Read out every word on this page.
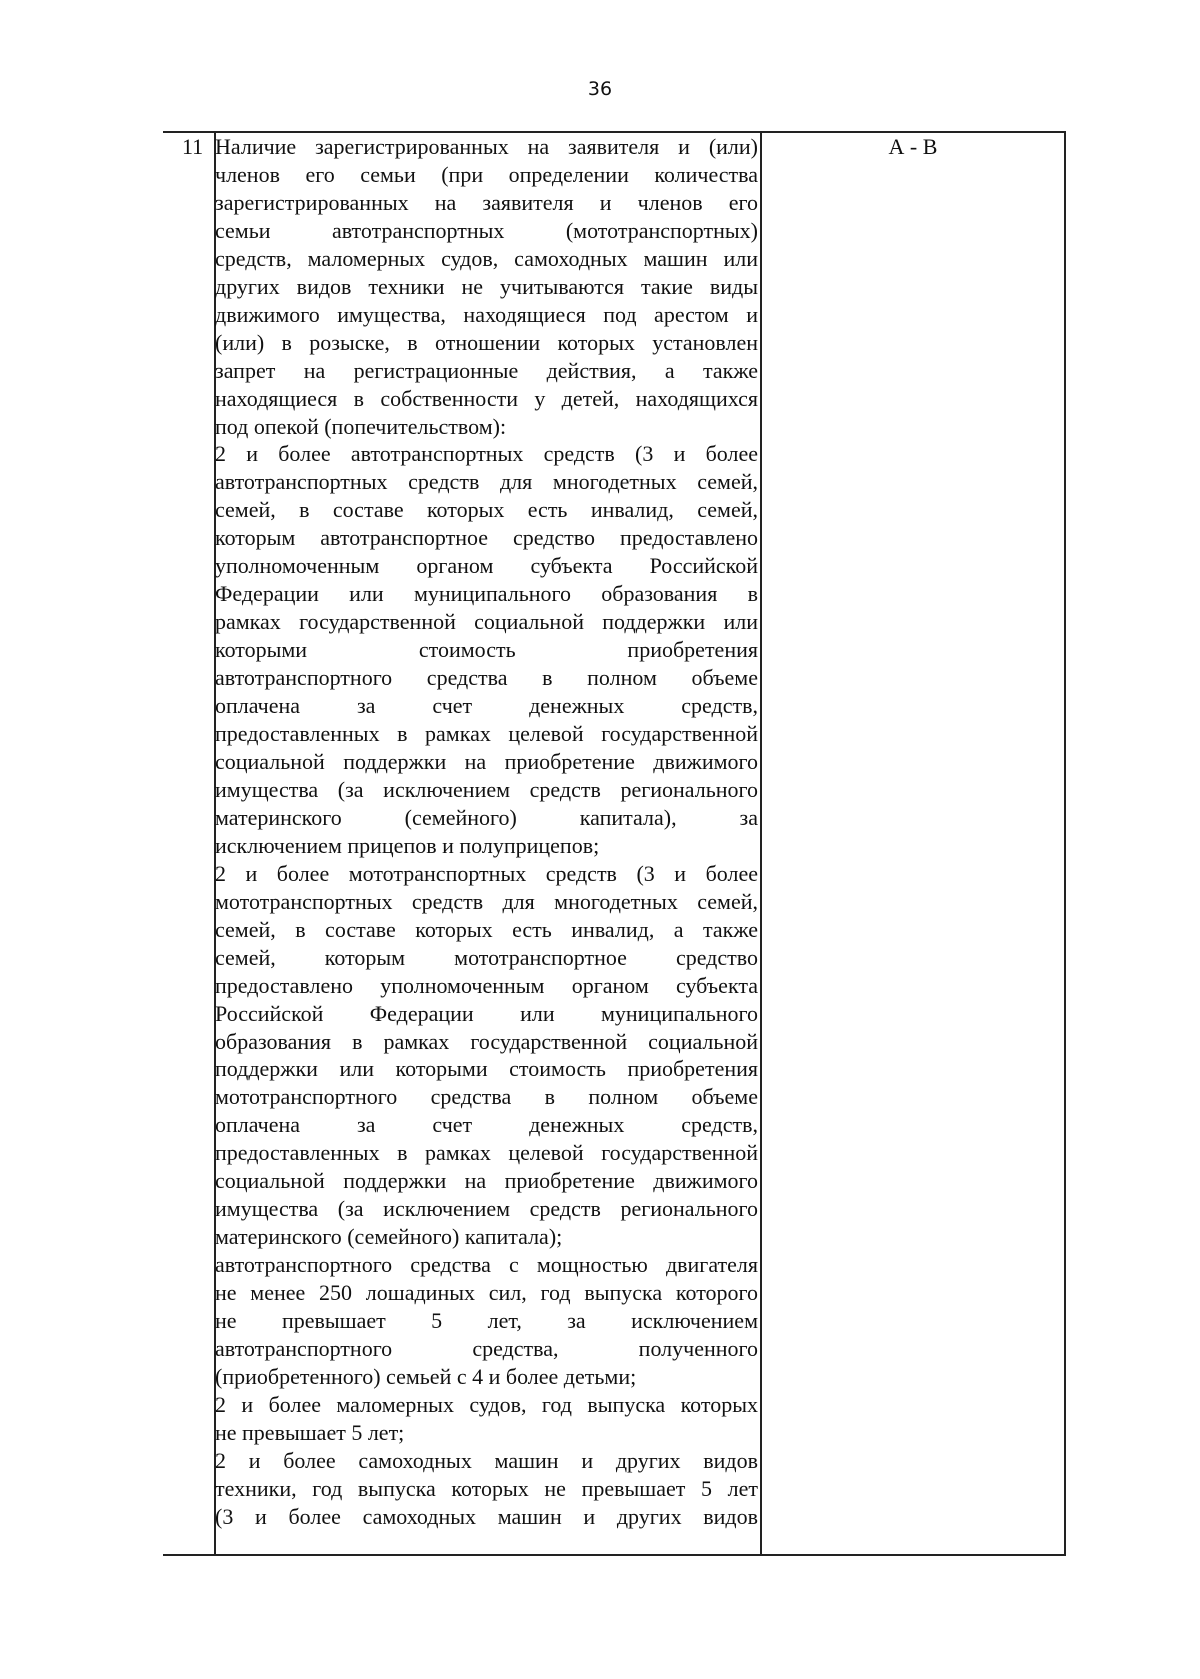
36
11 Наличие зарегистрированных на заявителя и (или)
членов его семьи (при определении количества
зарегистрированных на заявителя и членов его
семьи автотранспортных (мототранспортных)
средств, маломерных судов, самоходных машин или
других видов техники не учитываются такие виды
движимого имущества, находящиеся под арестом и
(или) в розыске, в отношении которых установлен
запрет на регистрационные действия, а также
находящиеся в собственности у детей, находящихся
под опекой (попечительством):
2 и более автотранспортных средств (3 и более
автотранспортных средств для многодетных семей,
семей, в составе которых есть инвалид, семей,
которым автотранспортное средство предоставлено
уполномоченным органом субъекта Российской
Федерации или муниципального образования в
рамках государственной социальной поддержки или
которыми стоимость приобретения
автотранспортного средства в полном объеме
оплачена за счет денежных средств,
предоставленных в рамках целевой государственной
социальной поддержки на приобретение движимого
имущества (за исключением средств регионального
материнского (семейного) капитала), за
исключением прицепов и полуприцепов;
2 и более мототранспортных средств (3 и более
мототранспортных средств для многодетных семей,
семей, в составе которых есть инвалид, а также
семей, которым мототранспортное средство
предоставлено уполномоченным органом субъекта
Российской Федерации или муниципального
образования в рамках государственной социальной
поддержки или которыми стоимость приобретения
мототранспортного средства в полном объеме
оплачена за счет денежных средств,
предоставленных в рамках целевой государственной
социальной поддержки на приобретение движимого
имущества (за исключением средств регионального
материнского (семейного) капитала);
автотранспортного средства с мощностью двигателя
не менее 250 лошадиных сил, год выпуска которого
не превышает 5 лет, за исключением
автотранспортного средства, полученного
(приобретенного) семьей с 4 и более детьми;
2 и более маломерных судов, год выпуска которых
не превышает 5 лет;
2 и более самоходных машин и других видов
техники, год выпуска которых не превышает 5 лет
(3 и более самоходных машин и других видов
А - В
